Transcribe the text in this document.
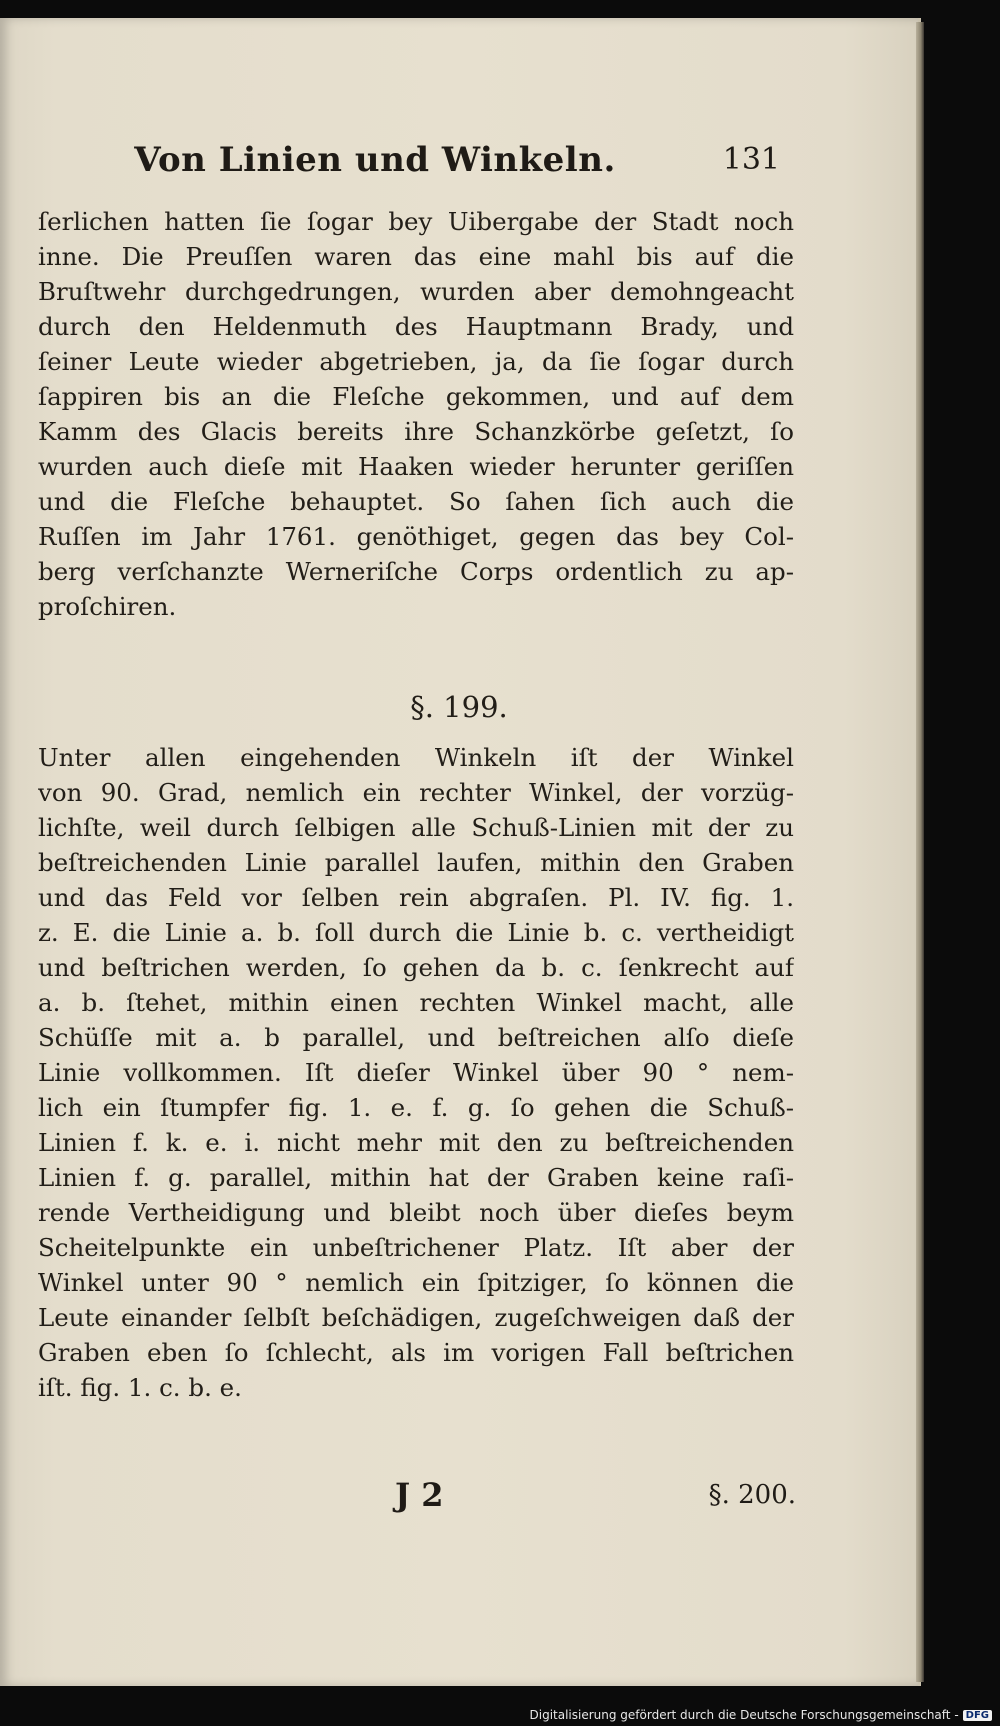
Von Linien und Winkeln.	131
ſerlichen hatten ſie ſogar bey Uibergabe der Stadt noch
inne. Die Preuſſen waren das eine mahl bis auf die
Bruſtwehr durchgedrungen, wurden aber demohngeacht
durch den Heldenmuth des Hauptmann Brady, und
ſeiner Leute wieder abgetrieben, ja, da ſie ſogar durch
ſappiren bis an die Fleſche gekommen, und auf dem
Kamm des Glacis bereits ihre Schanzkörbe geſetzt, ſo
wurden auch dieſe mit Haaken wieder herunter geriſſen
und die Fleſche behauptet. So ſahen ſich auch die
Ruſſen im Jahr 1761. genöthiget, gegen das bey Col-
berg verſchanzte Werneriſche Corps ordentlich zu ap-
proſchiren.
§. 199.
Unter allen eingehenden Winkeln iſt der Winkel
von 90. Grad, nemlich ein rechter Winkel, der vorzüg-
lichſte, weil durch ſelbigen alle Schuß-Linien mit der zu
beſtreichenden Linie parallel laufen, mithin den Graben
und das Feld vor ſelben rein abgraſen. Pl. IV. fig. 1.
z. E. die Linie a. b. ſoll durch die Linie b. c. vertheidigt
und beſtrichen werden, ſo gehen da b. c. ſenkrecht auf
a. b. ſtehet, mithin einen rechten Winkel macht, alle
Schüſſe mit a. b parallel, und beſtreichen alſo dieſe
Linie vollkommen. Iſt dieſer Winkel über 90 ° nem-
lich ein ſtumpfer fig. 1. e. f. g. ſo gehen die Schuß-
Linien f. k. e. i. nicht mehr mit den zu beſtreichenden
Linien f. g. parallel, mithin hat der Graben keine raſi-
rende Vertheidigung und bleibt noch über dieſes beym
Scheitelpunkte ein unbeſtrichener Platz. Iſt aber der
Winkel unter 90 ° nemlich ein ſpitziger, ſo können die
Leute einander ſelbſt beſchädigen, zugeſchweigen daß der
Graben eben ſo ſchlecht, als im vorigen Fall beſtrichen
iſt. fig. 1. c. b. e.
J 2	§. 200.
Digitalisierung gefördert durch die Deutsche Forschungsgemeinschaft - DFG
